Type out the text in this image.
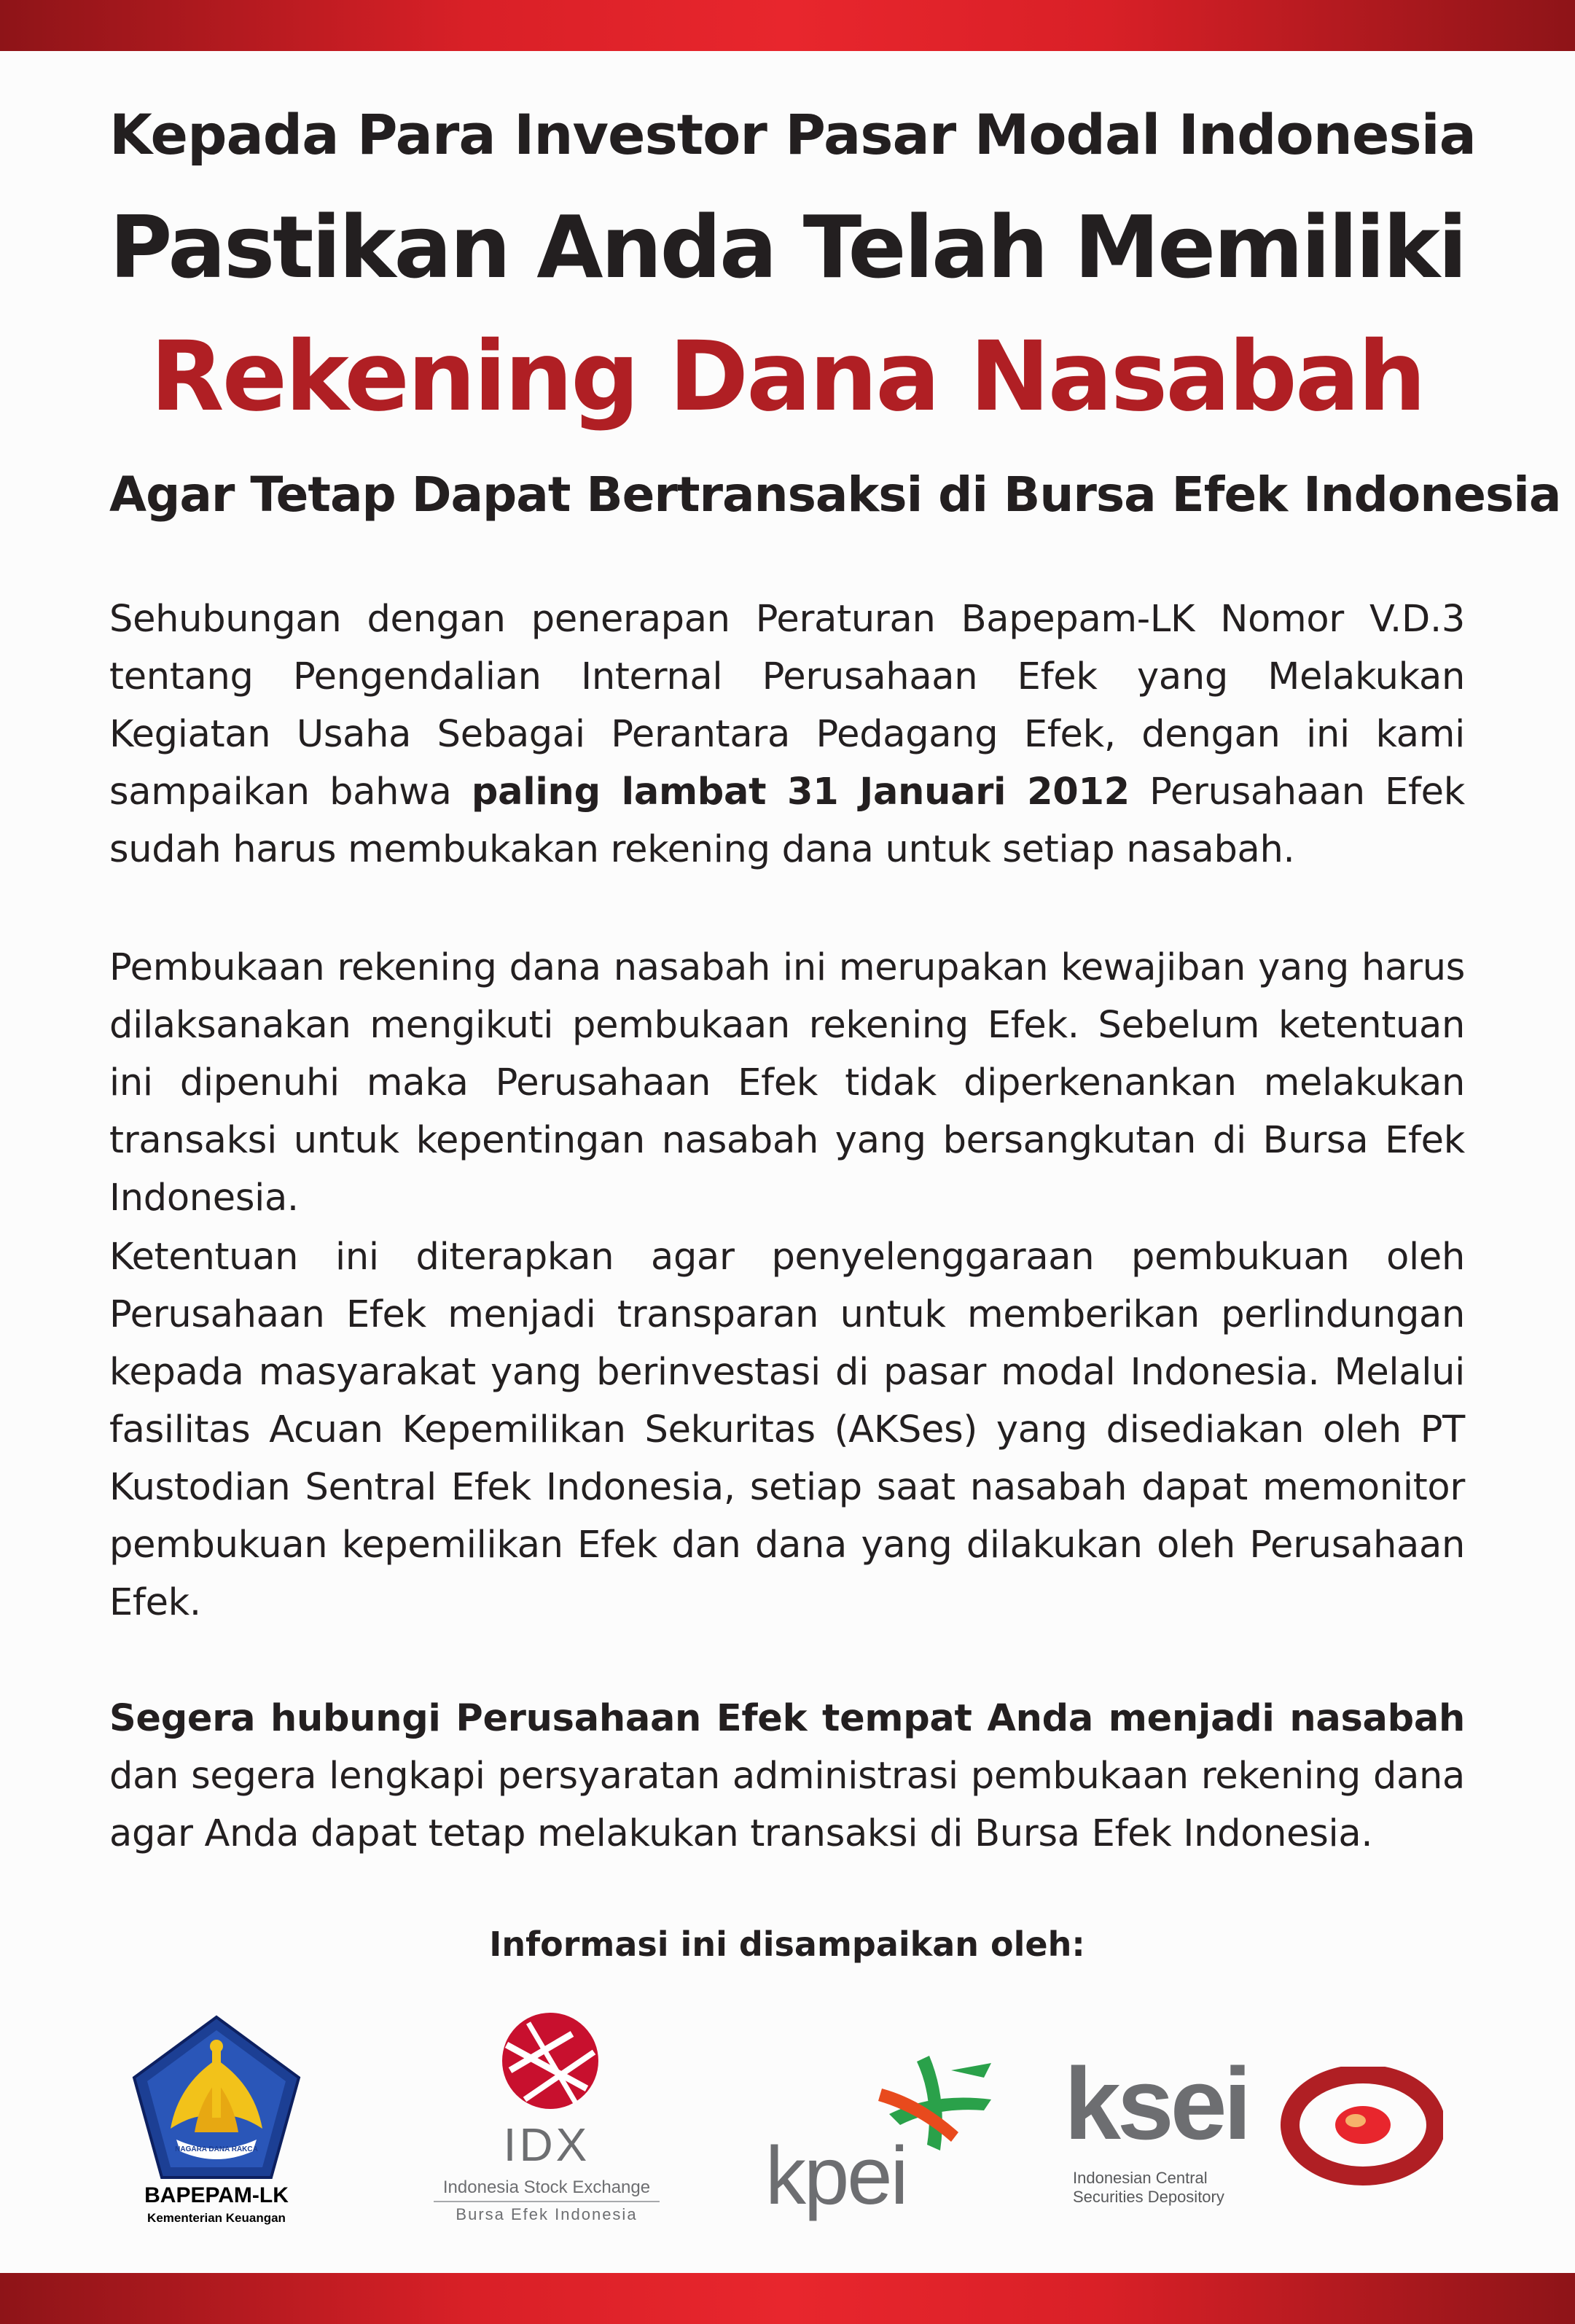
Kepada Para Investor Pasar Modal Indonesia
Pastikan Anda Telah Memiliki
Rekening Dana Nasabah
Agar Tetap Dapat Bertransaksi di Bursa Efek Indonesia
Sehubungan dengan penerapan Peraturan Bapepam-LK Nomor V.D.3 tentang Pengendalian Internal Perusahaan Efek yang Melakukan Kegiatan Usaha Sebagai Perantara Pedagang Efek, dengan ini kami sampaikan bahwa paling lambat 31 Januari 2012 Perusahaan Efek sudah harus membukakan rekening dana untuk setiap nasabah.
Pembukaan rekening dana nasabah ini merupakan kewajiban yang harus dilaksanakan mengikuti pembukaan rekening Efek. Sebelum ketentuan ini dipenuhi maka Perusahaan Efek tidak diperkenankan melakukan transaksi untuk kepentingan nasabah yang bersangkutan di Bursa Efek Indonesia.
Ketentuan ini diterapkan agar penyelenggaraan pembukuan oleh Perusahaan Efek menjadi transparan untuk memberikan perlindungan kepada masyarakat yang berinvestasi di pasar modal Indonesia. Melalui fasilitas Acuan Kepemilikan Sekuritas (AKSes) yang disediakan oleh PT Kustodian Sentral Efek Indonesia, setiap saat nasabah dapat memonitor pembukuan kepemilikan Efek dan dana yang dilakukan oleh Perusahaan Efek.
Segera hubungi Perusahaan Efek tempat Anda menjadi nasabah dan segera lengkapi persyaratan administrasi pembukaan rekening dana agar Anda dapat tetap melakukan transaksi di Bursa Efek Indonesia.
Informasi ini disampaikan oleh:
NAGARA DANA RAKCA
BAPEPAM-LK
Kementerian Keuangan
IDX
Indonesia Stock Exchange
Bursa Efek Indonesia	kpei
ksei
Indonesian Central
Securities Depository
